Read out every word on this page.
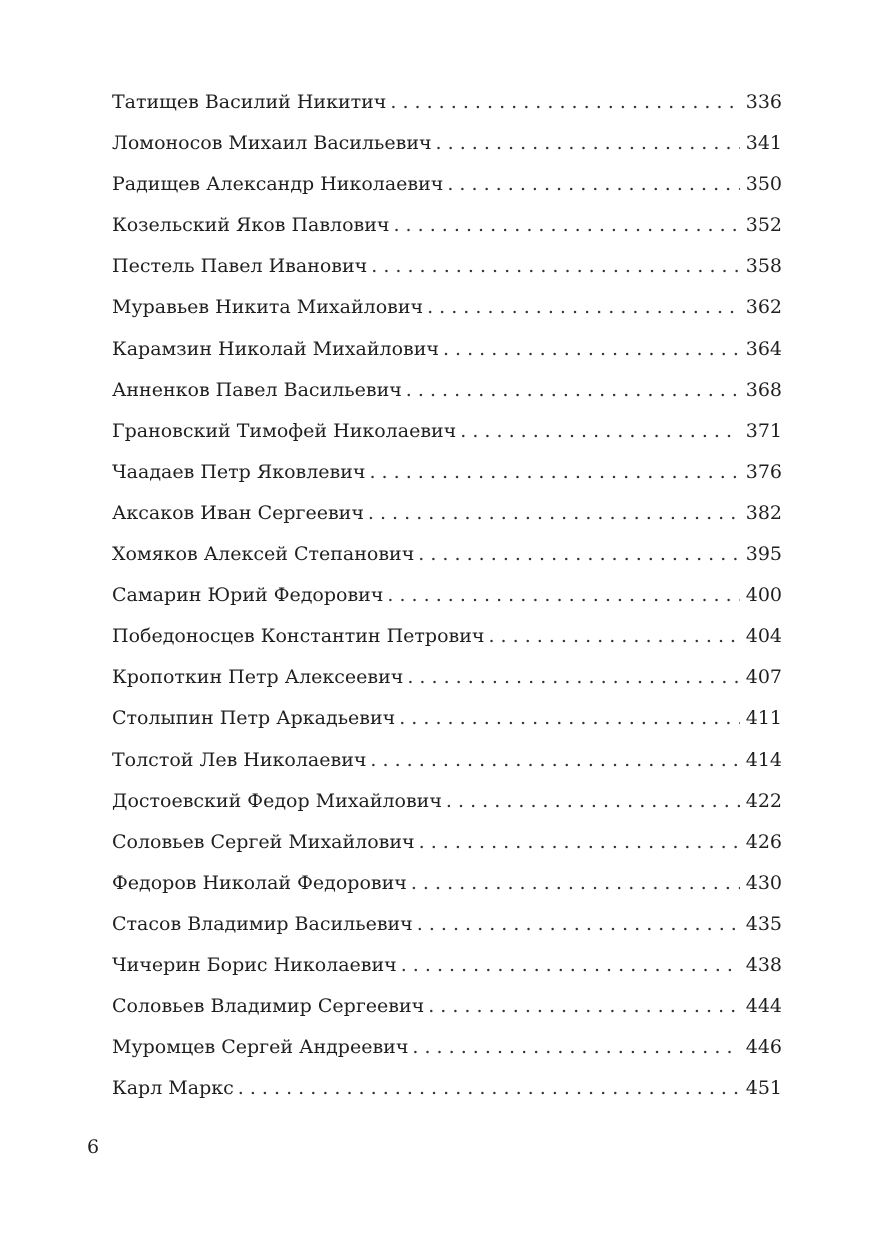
Татищев Василий Никитич . . .	336
Ломоносов Михаил Васильевич . . .	341
Радищев Александр Николаевич . . .	350
Козельский Яков Павлович . . .	352
Пестель Павел Иванович . . .	358
Муравьев Никита Михайлович . . .	362
Карамзин Николай Михайлович . . .	364
Анненков Павел Васильевич . . .	368
Грановский Тимофей Николаевич . . .	371
Чаадаев Петр Яковлевич . . .	376
Аксаков Иван Сергеевич . . .	382
Хомяков Алексей Степанович . . .	395
Самарин Юрий Федорович . . .	400
Победоносцев Константин Петрович . . .	404
Кропоткин Петр Алексеевич . . .	407
Столыпин Петр Аркадьевич . . .	411
Толстой Лев Николаевич . . .	414
Достоевский Федор Михайлович . . .	422
Соловьев Сергей Михайлович . . .	426
Федоров Николай Федорович . . .	430
Стасов Владимир Васильевич . . .	435
Чичерин Борис Николаевич . . .	438
Соловьев Владимир Сергеевич . . .	444
Муромцев Сергей Андреевич . . .	446
Карл Маркс . . .	451
6
